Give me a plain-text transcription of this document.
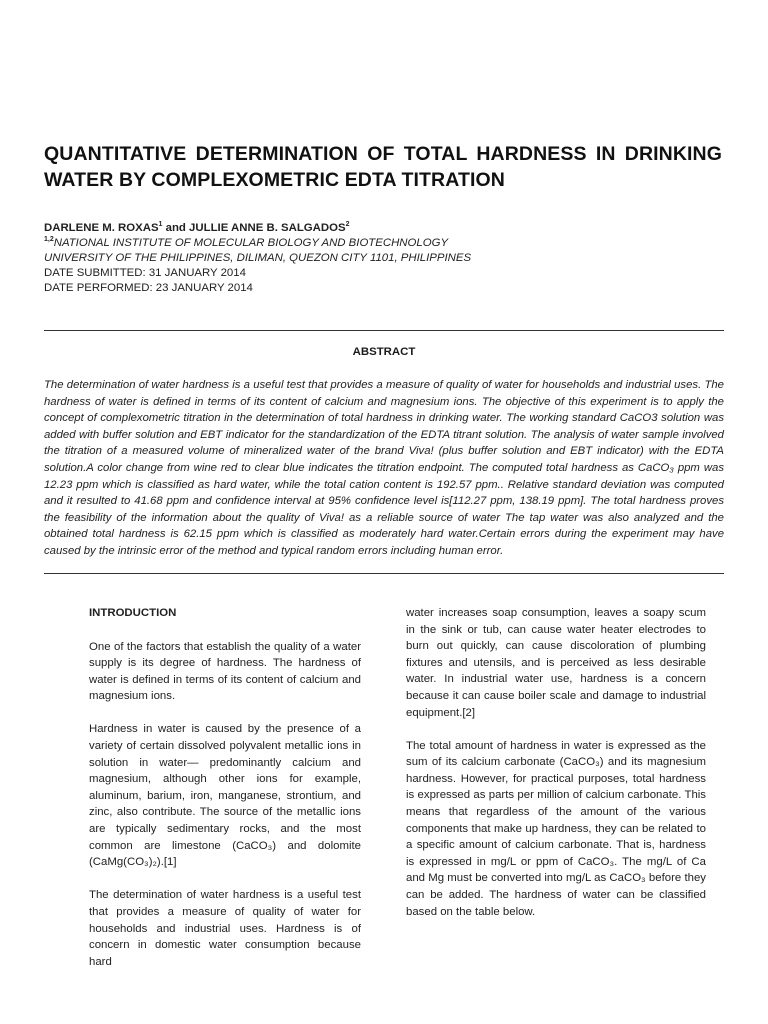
QUANTITATIVE DETERMINATION OF TOTAL HARDNESS IN DRINKING WATER BY COMPLEXOMETRIC EDTA TITRATION
DARLENE M. ROXAS$^1$ and JULLIE ANNE B. SALGADOS$^2$
$^{1,2}$NATIONAL INSTITUTE OF MOLECULAR BIOLOGY AND BIOTECHNOLOGY
UNIVERSITY OF THE PHILIPPINES, DILIMAN, QUEZON CITY 1101, PHILIPPINES
DATE SUBMITTED: 31 JANUARY 2014
DATE PERFORMED: 23 JANUARY 2014
ABSTRACT

The determination of water hardness is a useful test that provides a measure of quality of water for households and industrial uses. The hardness of water is defined in terms of its content of calcium and magnesium ions. The objective of this experiment is to apply the concept of complexometric titration in the determination of total hardness in drinking water. The working standard CaCO3 solution was added with buffer solution and EBT indicator for the standardization of the EDTA titrant solution. The analysis of water sample involved the titration of a measured volume of mineralized water of the brand Viva! (plus buffer solution and EBT indicator) with the EDTA solution.A color change from wine red to clear blue indicates the titration endpoint. The computed total hardness as CaCO₃ ppm was 12.23 ppm which is classified as hard water, while the total cation content is 192.57 ppm.. Relative standard deviation was computed and it resulted to 41.68 ppm and confidence interval at 95% confidence level is[112.27 ppm, 138.19 ppm]. The total hardness proves the feasibility of the information about the quality of Viva! as a reliable source of water The tap water was also analyzed and the obtained total hardness is 62.15 ppm which is classified as moderately hard water.Certain errors during the experiment may have caused by the intrinsic error of the method and typical random errors including human error.

INTRODUCTION

One of the factors that establish the quality of a water supply is its degree of hardness. The hardness of water is defined in terms of its content of calcium and magnesium ions.

Hardness in water is caused by the presence of a variety of certain dissolved polyvalent metallic ions in solution in water— predominantly calcium and magnesium, although other ions for example, aluminum, barium, iron, manganese, strontium, and zinc, also contribute. The source of the metallic ions are typically sedimentary rocks, and the most common are limestone (CaCO₃) and dolomite (CaMg(CO₃)₂).[1]

The determination of water hardness is a useful test that provides a measure of quality of water for households and industrial uses. Hardness is of concern in domestic water consumption because hard

water increases soap consumption, leaves a soapy scum in the sink or tub, can cause water heater electrodes to burn out quickly, can cause discoloration of plumbing fixtures and utensils, and is perceived as less desirable water. In industrial water use, hardness is a concern because it can cause boiler scale and damage to industrial equipment.[2]

The total amount of hardness in water is expressed as the sum of its calcium carbonate (CaCO₃) and its magnesium hardness. However, for practical purposes, total hardness is expressed as parts per million of calcium carbonate. This means that regardless of the amount of the various components that make up hardness, they can be related to a specific amount of calcium carbonate. That is, hardness is expressed in mg/L or ppm of CaCO₃. The mg/L of Ca and Mg must be converted into mg/L as CaCO₃ before they can be added. The hardness of water can be classified based on the table below.
